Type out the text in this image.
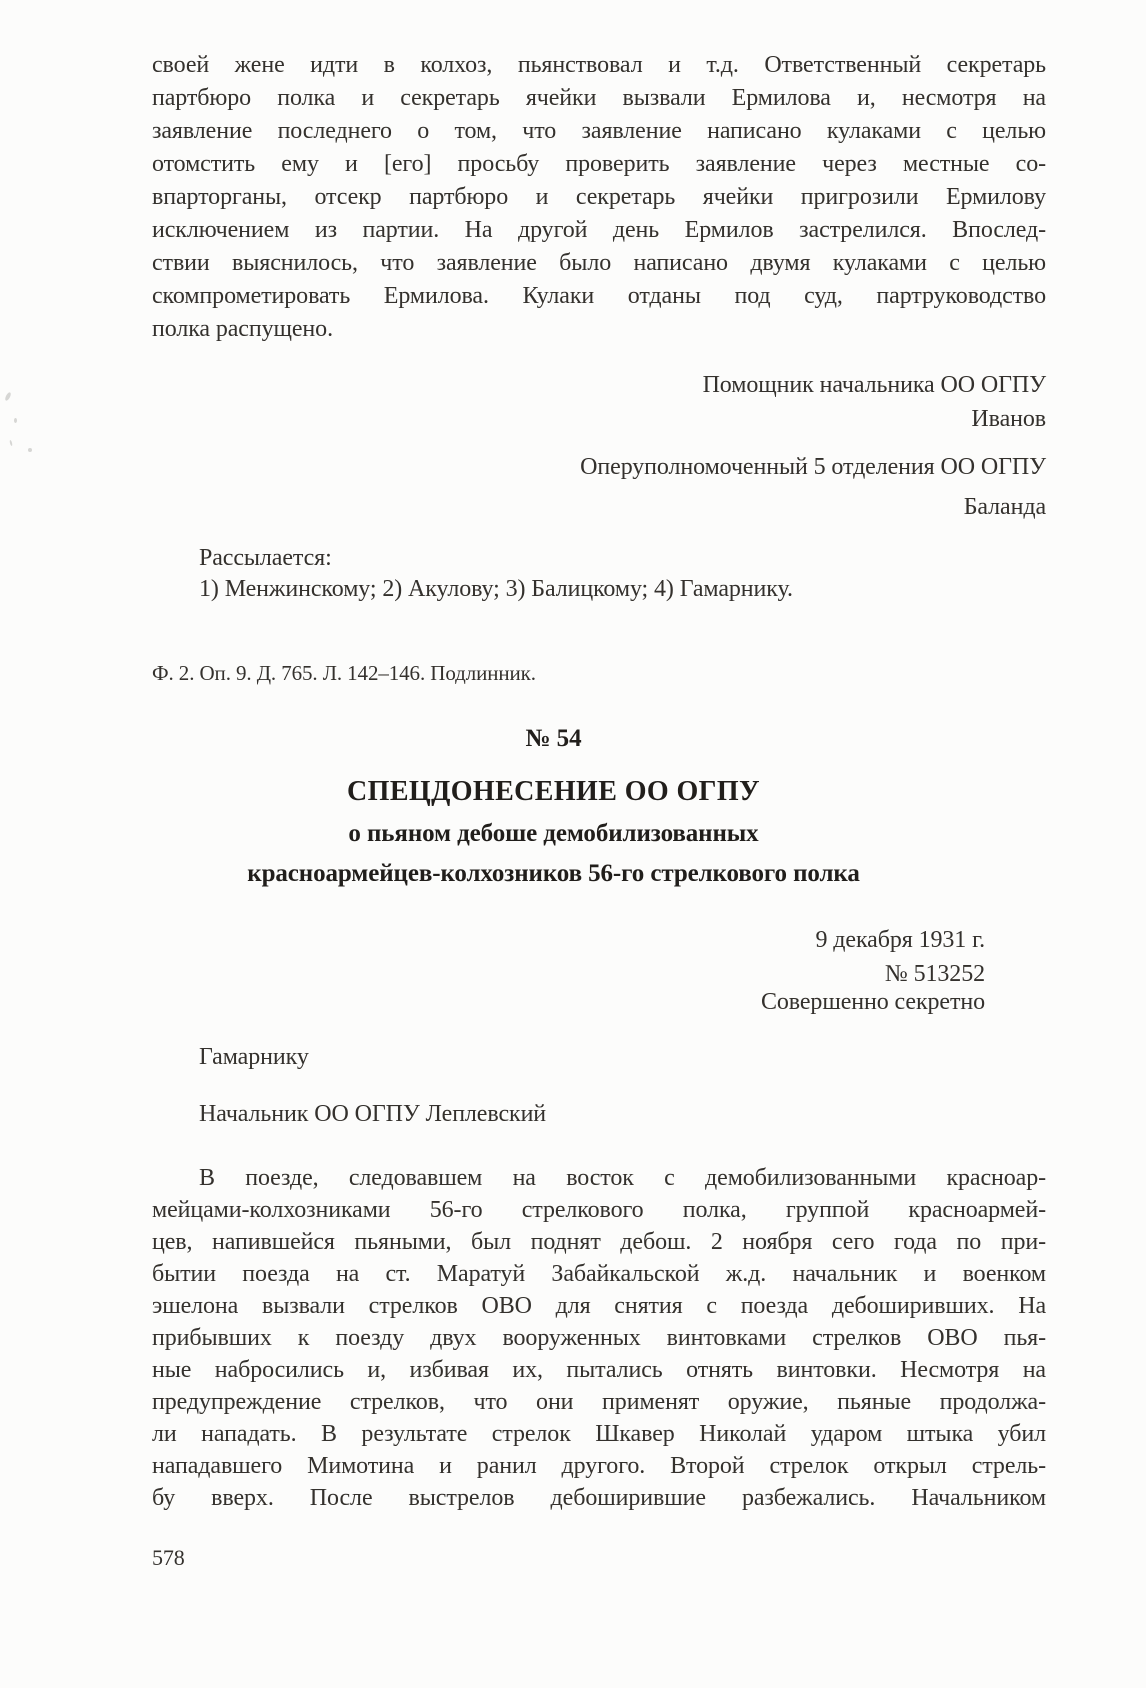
своей жене идти в колхоз, пьянствовал и т.д. Ответственный секретарь
партбюро полка и секретарь ячейки вызвали Ермилова и, несмотря на
заявление последнего о том, что заявление написано кулаками с целью
отомстить ему и [его] просьбу проверить заявление через местные со-
впарторганы, отсекр партбюро и секретарь ячейки пригрозили Ермилову
исключением из партии. На другой день Ермилов застрелился. Впослед-
ствии выяснилось, что заявление было написано двумя кулаками с целью
скомпрометировать Ермилова. Кулаки отданы под суд, партруководство
полка распущено.
Помощник начальника ОО ОГПУ
Иванов
Оперуполномоченный 5 отделения ОО ОГПУ
Баланда
Рассылается:
1) Менжинскому; 2) Акулову; 3) Балицкому; 4) Гамарнику.
Ф. 2. Оп. 9. Д. 765. Л. 142–146. Подлинник.
№ 54
СПЕЦДОНЕСЕНИЕ ОО ОГПУ
о пьяном дебоше демобилизованных
красноармейцев-колхозников 56-го стрелкового полка
9 декабря 1931 г.
№ 513252
Совершенно секретно
Гамарнику
Начальник ОО ОГПУ Леплевский
В поезде, следовавшем на восток с демобилизованными красноар-
мейцами-колхозниками 56-го стрелкового полка, группой красноармей-
цев, напившейся пьяными, был поднят дебош. 2 ноября сего года по при-
бытии поезда на ст. Маратуй Забайкальской ж.д. начальник и военком
эшелона вызвали стрелков ОВО для снятия с поезда дебоширивших. На
прибывших к поезду двух вооруженных винтовками стрелков ОВО пья-
ные набросились и, избивая их, пытались отнять винтовки. Несмотря на
предупреждение стрелков, что они применят оружие, пьяные продолжа-
ли нападать. В результате стрелок Шкавер Николай ударом штыка убил
нападавшего Мимотина и ранил другого. Второй стрелок открыл стрель-
бу вверх. После выстрелов дебоширившие разбежались. Начальником
578
